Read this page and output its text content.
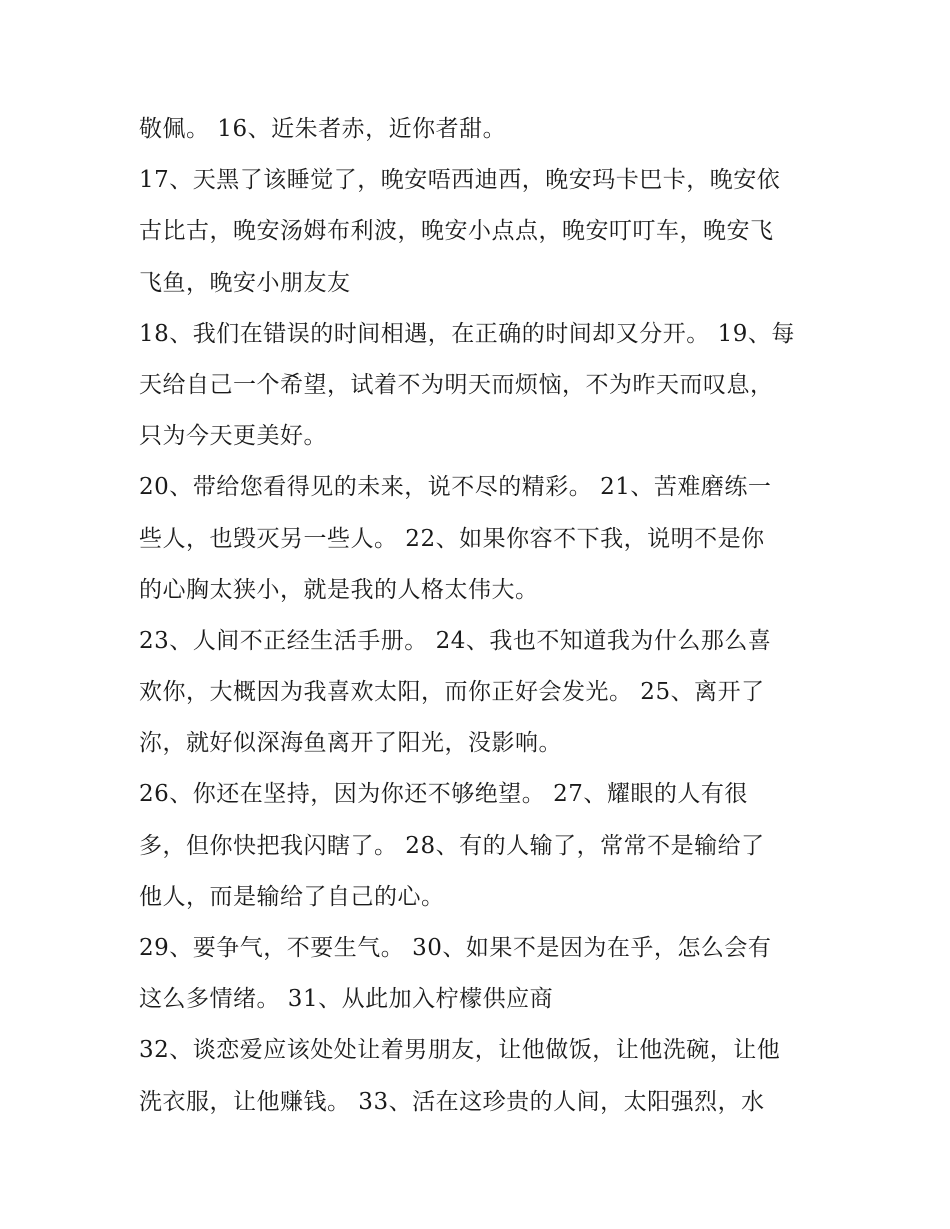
敬佩。 16、近朱者赤，近你者甜。
17、天黑了该睡觉了，晚安唔西迪西，晚安玛卡巴卡，晚安依
古比古，晚安汤姆布利波，晚安小点点，晚安叮叮车，晚安飞
飞鱼，晚安小朋友友
18、我们在错误的时间相遇，在正确的时间却又分开。 19、每
天给自己一个希望，试着不为明天而烦恼，不为昨天而叹息，
只为今天更美好。
20、带给您看得见的未来，说不尽的精彩。 21、苦难磨练一
些人，也毁灭另一些人。 22、如果你容不下我，说明不是你
的心胸太狭小，就是我的人格太伟大。
23、人间不正经生活手册。 24、我也不知道我为什么那么喜
欢你，大概因为我喜欢太阳，而你正好会发光。 25、离开了
沵，就好似深海鱼离开了阳光，没影响。
26、你还在坚持，因为你还不够绝望。 27、耀眼的人有很
多，但你快把我闪瞎了。 28、有的人输了，常常不是输给了
他人，而是输给了自己的心。
29、要争气，不要生气。 30、如果不是因为在乎，怎么会有
这么多情绪。 31、从此加入柠檬供应商
32、谈恋爱应该处处让着男朋友，让他做饭，让他洗碗，让他
洗衣服，让他赚钱。 33、活在这珍贵的人间，太阳强烈，水
